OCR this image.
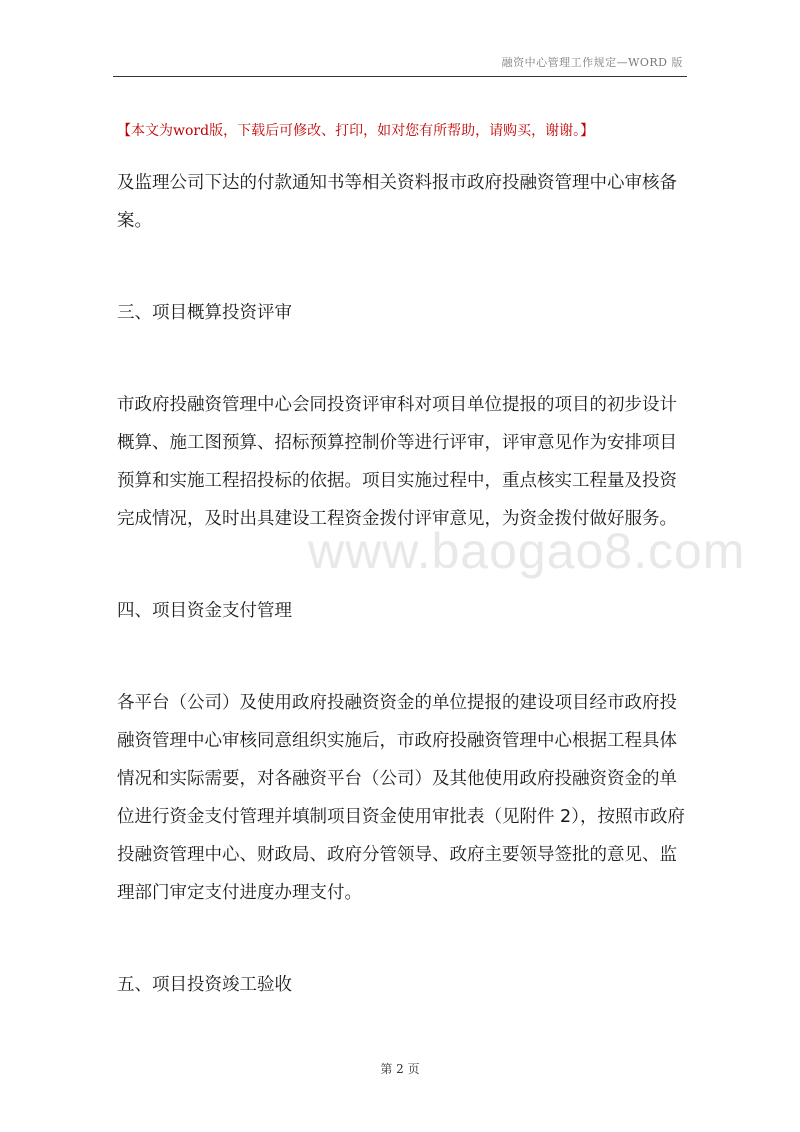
融资中心管理工作规定—WORD 版
【本文为word版，下载后可修改、打印，如对您有所帮助，请购买，谢谢。】
www.baogao8.com

及监理公司下达的付款通知书等相关资料报市政府投融资管理中心审核备案。

三、项目概算投资评审

市政府投融资管理中心会同投资评审科对项目单位提报的项目的初步设计概算、施工图预算、招标预算控制价等进行评审，评审意见作为安排项目预算和实施工程招投标的依据。项目实施过程中，重点核实工程量及投资完成情况，及时出具建设工程资金拨付评审意见，为资金拨付做好服务。

四、项目资金支付管理

各平台（公司）及使用政府投融资资金的单位提报的建设项目经市政府投融资管理中心审核同意组织实施后，市政府投融资管理中心根据工程具体情况和实际需要，对各融资平台（公司）及其他使用政府投融资资金的单位进行资金支付管理并填制项目资金使用审批表（见附件 2），按照市政府投融资管理中心、财政局、政府分管领导、政府主要领导签批的意见、监理部门审定支付进度办理支付。

五、项目投资竣工验收

第 2 页
